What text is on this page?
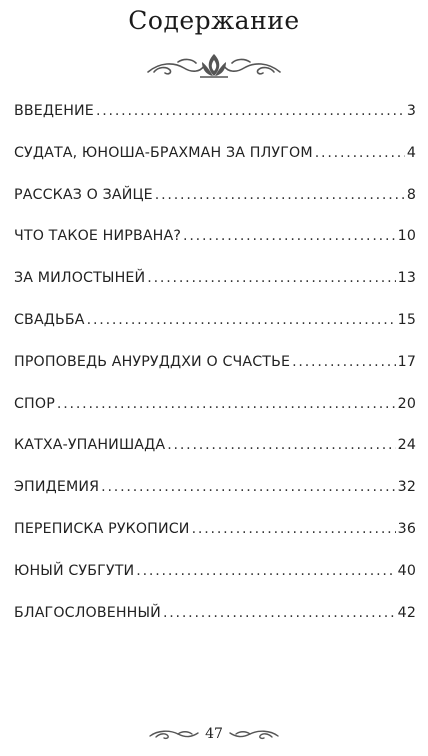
Содержание
ВВЕДЕНИЕ .....	3
СУДАТА, ЮНОША-БРАХМАН ЗА ПЛУГОМ .....	4
РАССКАЗ О ЗАЙЦЕ .....	8
ЧТО ТАКОЕ НИРВАНА? .....	10
ЗА МИЛОСТЫНЕЙ .....	13
СВАДЬБА .....	15
ПРОПОВЕДЬ АНУРУДДХИ О СЧАСТЬЕ .....	17
СПОР .....	20
КАТХА-УПАНИШАДА .....	24
ЭПИДЕМИЯ .....	32
ПЕРЕПИСКА РУКОПИСИ .....	36
ЮНЫЙ СУБГУТИ .....	40
БЛАГОСЛОВЕННЫЙ .....	42
47
